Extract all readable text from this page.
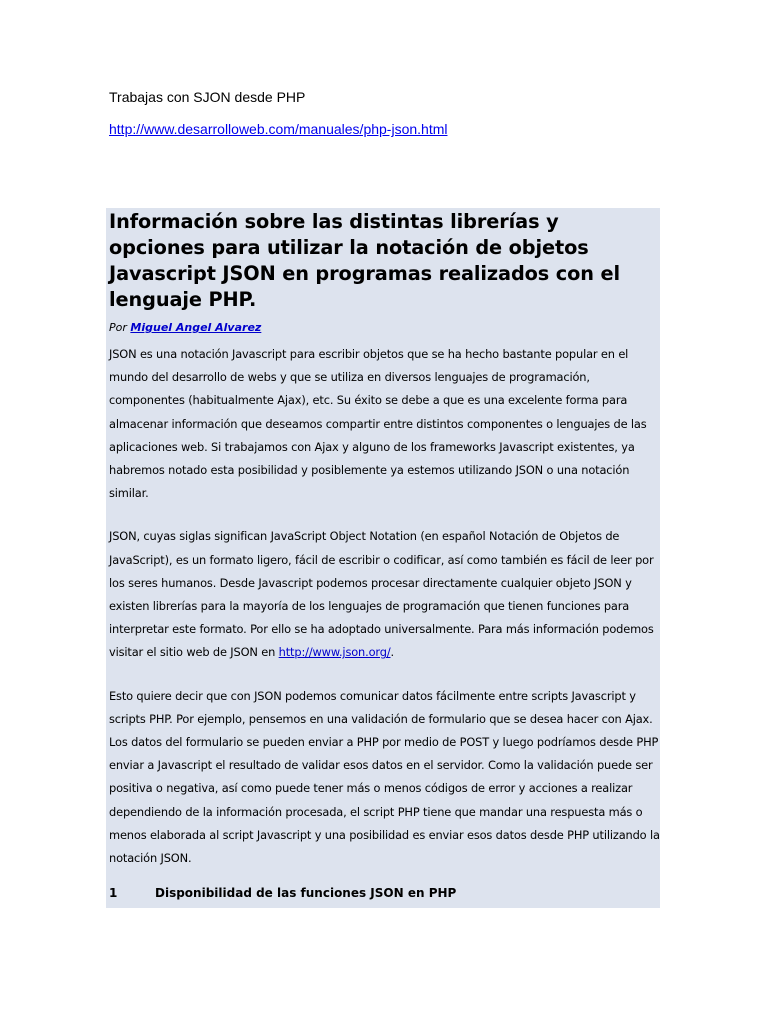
Trabajas con SJON desde PHP

http://www.desarrolloweb.com/manuales/php-json.html
Información sobre las distintas librerías y opciones para utilizar la notación de objetos Javascript JSON en programas realizados con el lenguaje PHP.

Por Miguel Angel Alvarez

JSON es una notación Javascript para escribir objetos que se ha hecho bastante popular en el mundo del desarrollo de webs y que se utiliza en diversos lenguajes de programación, componentes (habitualmente Ajax), etc. Su éxito se debe a que es una excelente forma para almacenar información que deseamos compartir entre distintos componentes o lenguajes de las aplicaciones web. Si trabajamos con Ajax y alguno de los frameworks Javascript existentes, ya habremos notado esta posibilidad y posiblemente ya estemos utilizando JSON o una notación similar.

JSON, cuyas siglas significan JavaScript Object Notation (en español Notación de Objetos de JavaScript), es un formato ligero, fácil de escribir o codificar, así como también es fácil de leer por los seres humanos. Desde Javascript podemos procesar directamente cualquier objeto JSON y existen librerías para la mayoría de los lenguajes de programación que tienen funciones para interpretar este formato. Por ello se ha adoptado universalmente. Para más información podemos visitar el sitio web de JSON en http://www.json.org/.

Esto quiere decir que con JSON podemos comunicar datos fácilmente entre scripts Javascript y scripts PHP. Por ejemplo, pensemos en una validación de formulario que se desea hacer con Ajax. Los datos del formulario se pueden enviar a PHP por medio de POST y luego podríamos desde PHP enviar a Javascript el resultado de validar esos datos en el servidor. Como la validación puede ser positiva o negativa, así como puede tener más o menos códigos de error y acciones a realizar dependiendo de la información procesada, el script PHP tiene que mandar una respuesta más o menos elaborada al script Javascript y una posibilidad es enviar esos datos desde PHP utilizando la notación JSON.

1	Disponibilidad de las funciones JSON en PHP
